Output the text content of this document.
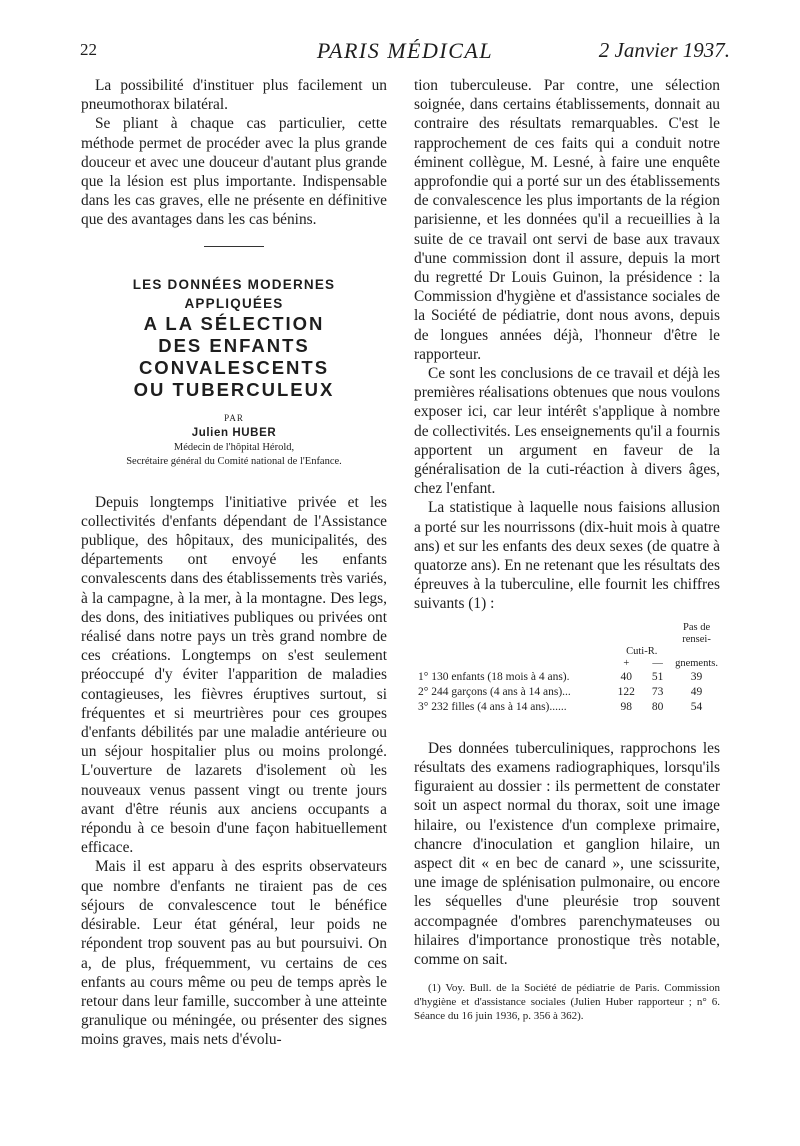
22	PARIS MÉDICAL	2 Janvier 1937.

La possibilité d'instituer plus facilement un pneumothorax bilatéral.

Se pliant à chaque cas particulier, cette méthode permet de procéder avec la plus grande douceur et avec une douceur d'autant plus grande que la lésion est plus importante. Indispensable dans les cas graves, elle ne présente en définitive que des avantages dans les cas bénins.

LES DONNÉES MODERNES

APPLIQUÉES

A LA SÉLECTION

DES ENFANTS

CONVALESCENTS

OU TUBERCULEUX

PAR

Julien HUBER

Médecin de l'hôpital Hérold,

Secrétaire général du Comité national de l'Enfance.

Depuis longtemps l'initiative privée et les collectivités d'enfants dépendant de l'Assistance publique, des hôpitaux, des municipalités, des départements ont envoyé les enfants convalescents dans des établissements très variés, à la campagne, à la mer, à la montagne. Des legs, des dons, des initiatives publiques ou privées ont réalisé dans notre pays un très grand nombre de ces créations. Longtemps on s'est seulement préoccupé d'y éviter l'apparition de maladies contagieuses, les fièvres éruptives surtout, si fréquentes et si meurtrières pour ces groupes d'enfants débilités par une maladie antérieure ou un séjour hospitalier plus ou moins prolongé. L'ouverture de lazarets d'isolement où les nouveaux venus passent vingt ou trente jours avant d'être réunis aux anciens occupants a répondu à ce besoin d'une façon habituellement efficace.

Mais il est apparu à des esprits observateurs que nombre d'enfants ne tiraient pas de ces séjours de convalescence tout le bénéfice désirable. Leur état général, leur poids ne répondent trop souvent pas au but poursuivi. On a, de plus, fréquemment, vu certains de ces enfants au cours même ou peu de temps après le retour dans leur famille, succomber à une atteinte granulique ou méningée, ou présenter des signes moins graves, mais nets d'évolu-

tion tuberculeuse. Par contre, une sélection soignée, dans certains établissements, donnait au contraire des résultats remarquables. C'est le rapprochement de ces faits qui a conduit notre éminent collègue, M. Lesné, à faire une enquête approfondie qui a porté sur un des établissements de convalescence les plus importants de la région parisienne, et les données qu'il a recueillies à la suite de ce travail ont servi de base aux travaux d'une commission dont il assure, depuis la mort du regretté Dr Louis Guinon, la présidence : la Commission d'hygiène et d'assistance sociales de la Société de pédiatrie, dont nous avons, depuis de longues années déjà, l'honneur d'être le rapporteur.

Ce sont les conclusions de ce travail et déjà les premières réalisations obtenues que nous voulons exposer ici, car leur intérêt s'applique à nombre de collectivités. Les enseignements qu'il a fournis apportent un argument en faveur de la généralisation de la cuti-réaction à divers âges, chez l'enfant.

La statistique à laquelle nous faisions allusion a porté sur les nourrissons (dix-huit mois à quatre ans) et sur les enfants des deux sexes (de quatre à quatorze ans). En ne retenant que les résultats des épreuves à la tuberculine, elle fournit les chiffres suivants (1) :

			Pas de rensei-
	Cuti-R.		
	+	—	gnements.
1° 130 enfants (18 mois à 4 ans).	40	51	39
2° 244 garçons (4 ans à 14 ans)...	122	73	49
3° 232 filles (4 ans à 14 ans)......	98	80	54

Des données tuberculiniques, rapprochons les résultats des examens radiographiques, lorsqu'ils figuraient au dossier : ils permettent de constater soit un aspect normal du thorax, soit une image hilaire, ou l'existence d'un complexe primaire, chancre d'inoculation et ganglion hilaire, un aspect dit « en bec de canard », une scissurite, une image de splénisation pulmonaire, ou encore les séquelles d'une pleurésie trop souvent accompagnée d'ombres parenchymateuses ou hilaires d'importance pronostique très notable, comme on sait.

(1) Voy. Bull. de la Société de pédiatrie de Paris. Commission d'hygiène et d'assistance sociales (Julien Huber rapporteur ; n° 6. Séance du 16 juin 1936, p. 356 à 362).
